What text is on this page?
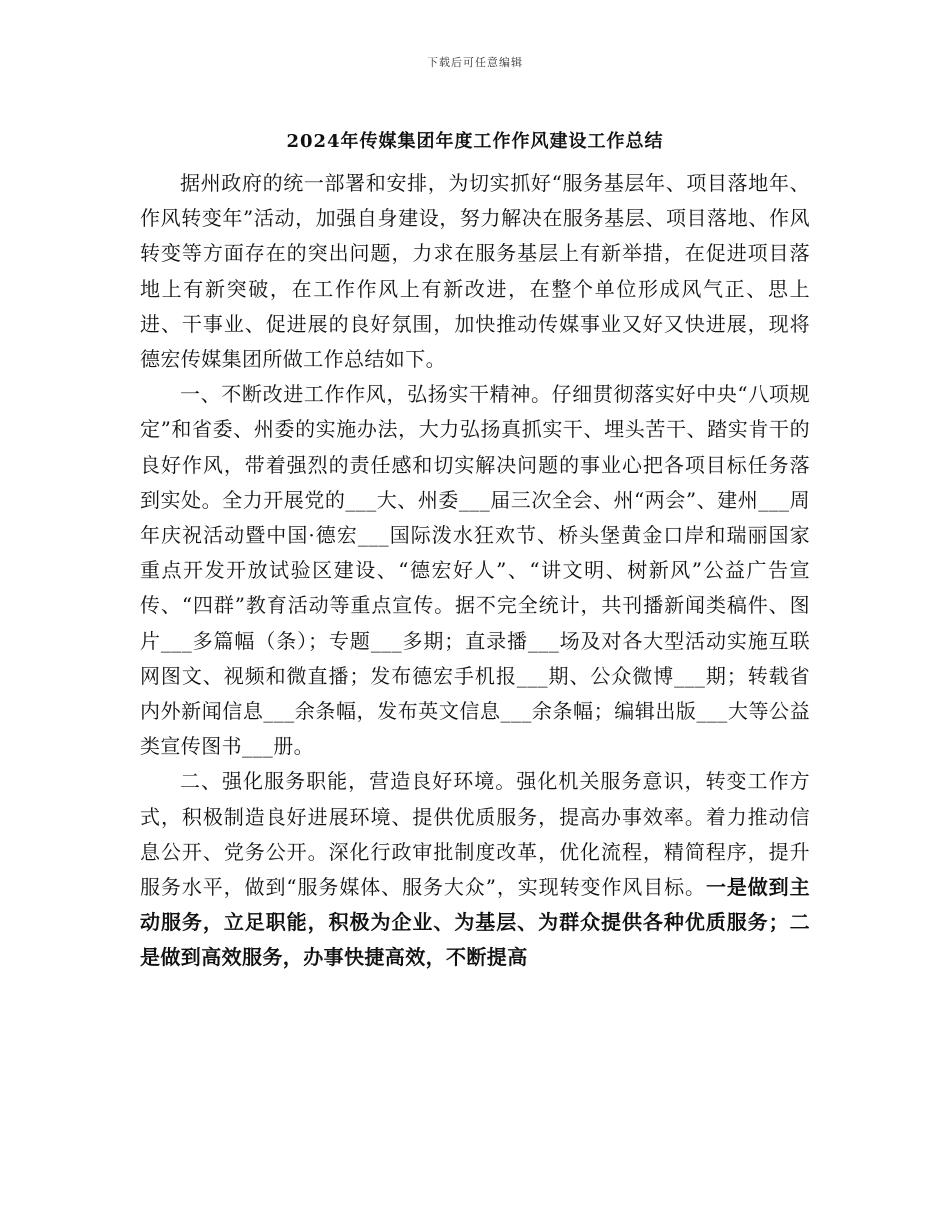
下载后可任意编辑
2024年传媒集团年度工作作风建设工作总结

据州政府的统一部署和安排，为切实抓好“服务基层年、项目落地年、作风转变年”活动，加强自身建设，努力解决在服务基层、项目落地、作风转变等方面存在的突出问题，力求在服务基层上有新举措，在促进项目落地上有新突破，在工作作风上有新改进，在整个单位形成风气正、思上进、干事业、促进展的良好氛围，加快推动传媒事业又好又快进展，现将德宏传媒集团所做工作总结如下。

一、不断改进工作作风，弘扬实干精神。仔细贯彻落实好中央“八项规定”和省委、州委的实施办法，大力弘扬真抓实干、埋头苦干、踏实肯干的良好作风，带着强烈的责任感和切实解决问题的事业心把各项目标任务落到实处。全力开展党的___大、州委___届三次全会、州“两会”、建州___周年庆祝活动暨中国·德宏___国际泼水狂欢节、桥头堡黄金口岸和瑞丽国家重点开发开放试验区建设、“德宏好人”、“讲文明、树新风”公益广告宣传、“四群”教育活动等重点宣传。据不完全统计，共刊播新闻类稿件、图片___多篇幅（条）；专题___多期；直录播___场及对各大型活动实施互联网图文、视频和微直播；发布德宏手机报___期、公众微博___期；转载省内外新闻信息___余条幅，发布英文信息___余条幅；编辑出版___大等公益类宣传图书___册。

二、强化服务职能，营造良好环境。强化机关服务意识，转变工作方式，积极制造良好进展环境、提供优质服务，提高办事效率。着力推动信息公开、党务公开。深化行政审批制度改革，优化流程，精简程序，提升服务水平，做到“服务媒体、服务大众”，实现转变作风目标。一是做到主动服务，立足职能，积极为企业、为基层、为群众提供各种优质服务；二是做到高效服务，办事快捷高效，不断提高
